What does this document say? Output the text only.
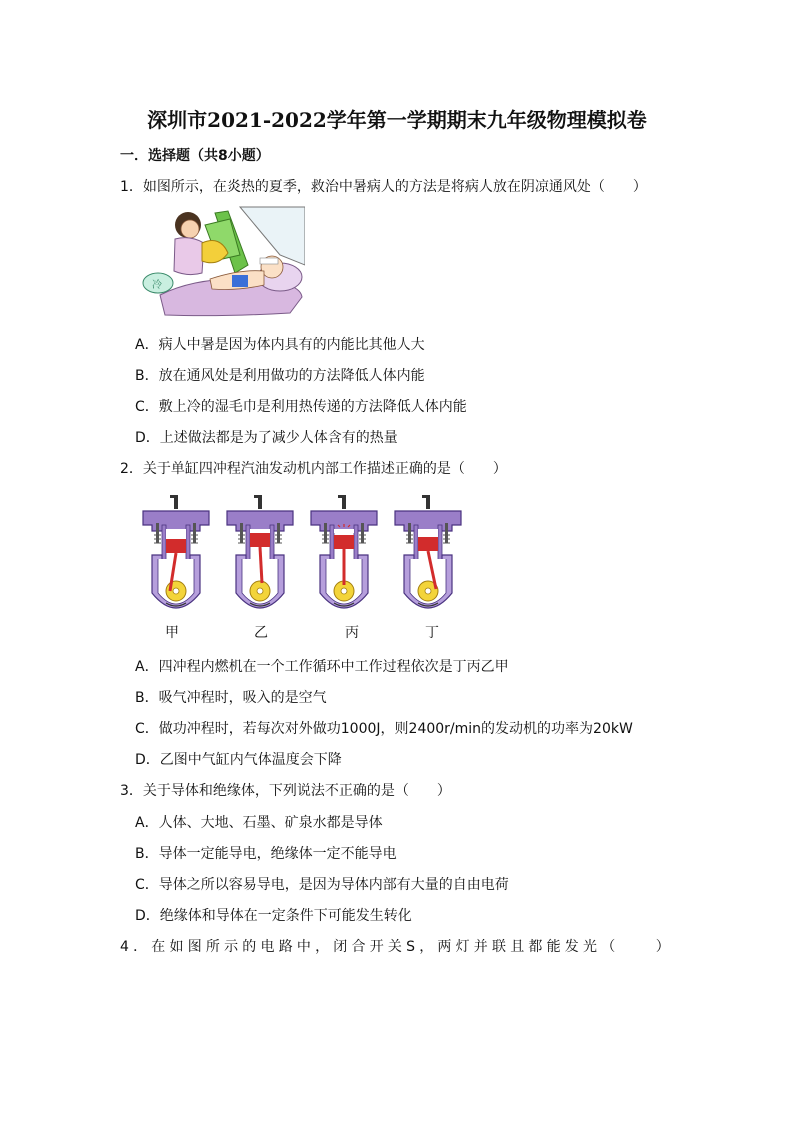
深圳市2021-2022学年第一学期期末九年级物理模拟卷
一．选择题（共8小题）
1．如图所示，在炎热的夏季，救治中暑病人的方法是将病人放在阴凉通风处（　　）
冷
A．病人中暑是因为体内具有的内能比其他人大
B．放在通风处是利用做功的方法降低人体内能
C．敷上冷的湿毛巾是利用热传递的方法降低人体内能
D．上述做法都是为了减少人体含有的热量
2．关于单缸四冲程汽油发动机内部工作描述正确的是（　　）
甲	乙	丙	丁
A．四冲程内燃机在一个工作循环中工作过程依次是丁丙乙甲
B．吸气冲程时，吸入的是空气
C．做功冲程时，若每次对外做功1000J，则2400r/min的发动机的功率为20kW
D．乙图中气缸内气体温度会下降
3．关于导体和绝缘体，下列说法不正确的是（　　）
A．人体、大地、石墨、矿泉水都是导体
B．导体一定能导电，绝缘体一定不能导电
C．导体之所以容易导电，是因为导体内部有大量的自由电荷
D．绝缘体和导体在一定条件下可能发生转化
4．在如图所示的电路中，闭合开关S，两灯并联且都能发光（　　）
